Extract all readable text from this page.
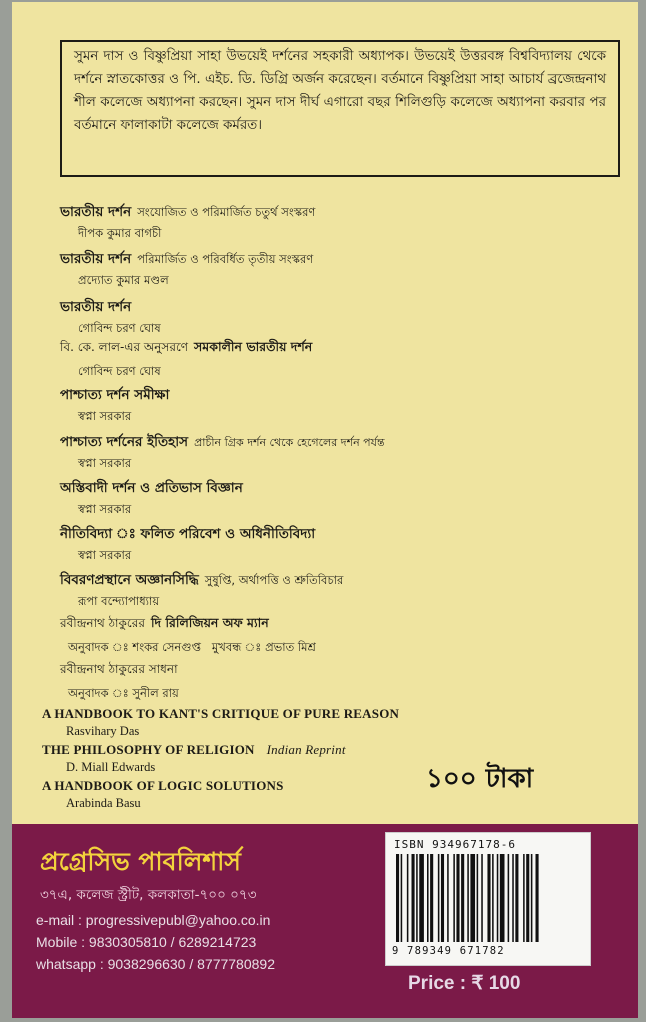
সুমন দাস ও বিষ্ণুপ্রিয়া সাহা উভয়েই দর্শনের সহকারী অধ্যাপক। উভয়েই উত্তরবঙ্গ বিশ্ববিদ্যালয় থেকে দর্শনে স্নাতকোত্তর ও পি. এইচ. ডি. ডিগ্রি অর্জন করেছেন। বর্তমানে বিষ্ণুপ্রিয়া সাহা আচার্য ব্রজেন্দ্রনাথ শীল কলেজে অধ্যাপনা করছেন। সুমন দাস দীর্ঘ এগারো বছর শিলিগুড়ি কলেজে অধ্যাপনা করবার পর বর্তমানে ফালাকাটা কলেজে কর্মরত।
ভারতীয় দর্শন সংযোজিত ও পরিমার্জিত চতুর্থ সংস্করণ
দীপক কুমার বাগচী
ভারতীয় দর্শন পরিমার্জিত ও পরিবর্ধিত তৃতীয় সংস্করণ
প্রদ্যোত কুমার মণ্ডল
ভারতীয় দর্শন
গোবিন্দ চরণ ঘোষ
বি. কে. লাল-এর অনুসরণে সমকালীন ভারতীয় দর্শন
গোবিন্দ চরণ ঘোষ
পাশ্চাত্য দর্শন সমীক্ষা
স্বপ্না সরকার
পাশ্চাত্য দর্শনের ইতিহাস প্রাচীন গ্রিক দর্শন থেকে হেগেলের দর্শন পর্যন্ত
স্বপ্না সরকার
অস্তিবাদী দর্শন ও প্রতিভাস বিজ্ঞান
স্বপ্না সরকার
নীতিবিদ্যা ঃ ফলিত পরিবেশ ও অধিনীতিবিদ্যা
স্বপ্না সরকার
বিবরণপ্রস্থানে অজ্ঞানসিদ্ধি সুষুপ্তি, অর্থাপত্তি ও শ্রুতিবিচার
রূপা বন্দ্যোপাধ্যায়
রবীন্দ্রনাথ ঠাকুরের দি রিলিজিয়ন অফ ম্যান
অনুবাদক ঃ শংকর সেনগুপ্ত   মুখবন্ধ ঃ প্রভাত মিশ্র
রবীন্দ্রনাথ ঠাকুরের সাধনা
অনুবাদক ঃ সুনীল রায়
A HANDBOOK TO KANT'S CRITIQUE OF PURE REASON
Rasvihary Das
THE PHILOSOPHY OF RELIGION Indian Reprint
D. Miall Edwards
A HANDBOOK OF LOGIC SOLUTIONS
Arabinda Basu
১০০ টাকা
প্রগ্রেসিভ পাবলিশার্স
৩৭এ, কলেজ স্ট্রীট, কলকাতা-৭০০ ০৭৩
e-mail : progressivepubl@yahoo.co.in
Mobile : 9830305810 / 6289214723
whatsapp : 9038296630 / 8777780892
ISBN 934967178-6
9 789349 671782
Price : ₹ 100
